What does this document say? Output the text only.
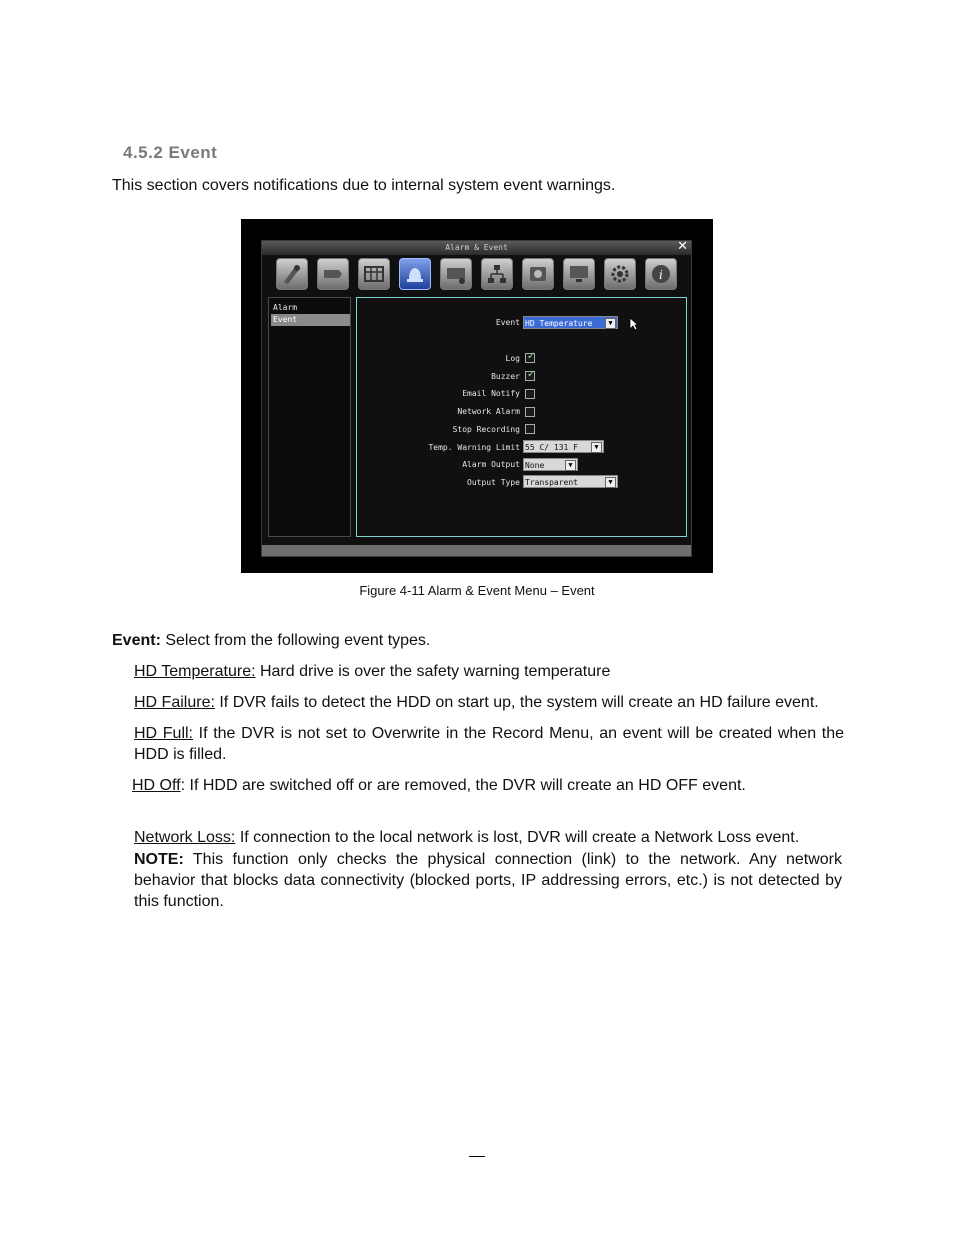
4.5.2 Event
This section covers notifications due to internal system event warnings.
Alarm & Event	✕
i
Alarm
Event	Event HD Temperature	▼
Log ✓
Buzzer ✓
Email Notify
Network Alarm
Stop Recording
Temp. Warning Limit 55 C/ 131 F	▼
Alarm Output None	▼
Output Type Transparent	▼
Figure 4-11 Alarm & Event Menu – Event
Event: Select from the following event types.
HD Temperature: Hard drive is over the safety warning temperature
HD Failure: If DVR fails to detect the HDD on start up, the system will create an HD failure event.
HD Full: If the DVR is not set to Overwrite in the Record Menu, an event will be created when the HDD is filled.
HD Off: If HDD are switched off or are removed, the DVR will create an HD OFF event.
Network Loss: If connection to the local network is lost, DVR will create a Network Loss event.
NOTE: This function only checks the physical connection (link) to the network. Any network behavior that blocks data connectivity (blocked ports, IP addressing errors, etc.) is not detected by this function.
